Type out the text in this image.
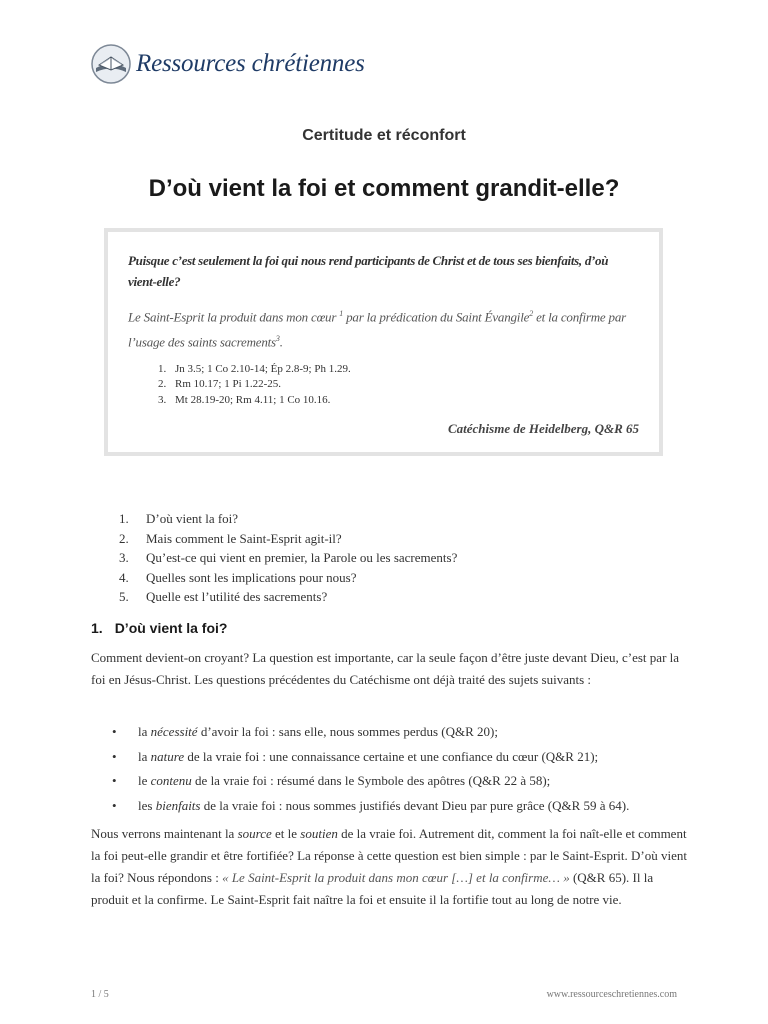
Ressources chrétiennes
Certitude et réconfort
D’où vient la foi et comment grandit-elle?

Puisque c’est seulement la foi qui nous rend participants de Christ et de tous ses bienfaits, d’où vient-elle?

Le Saint-Esprit la produit dans mon cœur $^1$ par la prédication du Saint Évangile$^2$ et la confirme par l’usage des saints sacrements$^3$.

1. Jn 3.5; 1 Co 2.10-14; Ép 2.8-9; Ph 1.29.
2. Rm 10.17; 1 Pi 1.22-25.
3. Mt 28.19-20; Rm 4.11; 1 Co 10.16.
Catéchisme de Heidelberg, Q&R 65
1. D’où vient la foi?
2. Mais comment le Saint-Esprit agit-il?
3. Qu’est-ce qui vient en premier, la Parole ou les sacrements?
4. Quelles sont les implications pour nous?
5. Quelle est l’utilité des sacrements?
1. D’où vient la foi?

Comment devient-on croyant? La question est importante, car la seule façon d’être juste devant Dieu, c’est par la foi en Jésus-Christ. Les questions précédentes du Catéchisme ont déjà traité des sujets suivants :

• la nécessité d’avoir la foi : sans elle, nous sommes perdus (Q&R 20);
• la nature de la vraie foi : une connaissance certaine et une confiance du cœur (Q&R 21);
• le contenu de la vraie foi : résumé dans le Symbole des apôtres (Q&R 22 à 58);
• les bienfaits de la vraie foi : nous sommes justifiés devant Dieu par pure grâce (Q&R 59 à 64).

Nous verrons maintenant la source et le soutien de la vraie foi. Autrement dit, comment la foi naît-elle et comment la foi peut-elle grandir et être fortifiée? La réponse à cette question est bien simple : par le Saint-Esprit. D’où vient la foi? Nous répondons : « Le Saint-Esprit la produit dans mon cœur […] et la confirme… » (Q&R 65). Il la produit et la confirme. Le Saint-Esprit fait naître la foi et ensuite il la fortifie tout au long de notre vie.

1 / 5	www.ressourceschretiennes.com
